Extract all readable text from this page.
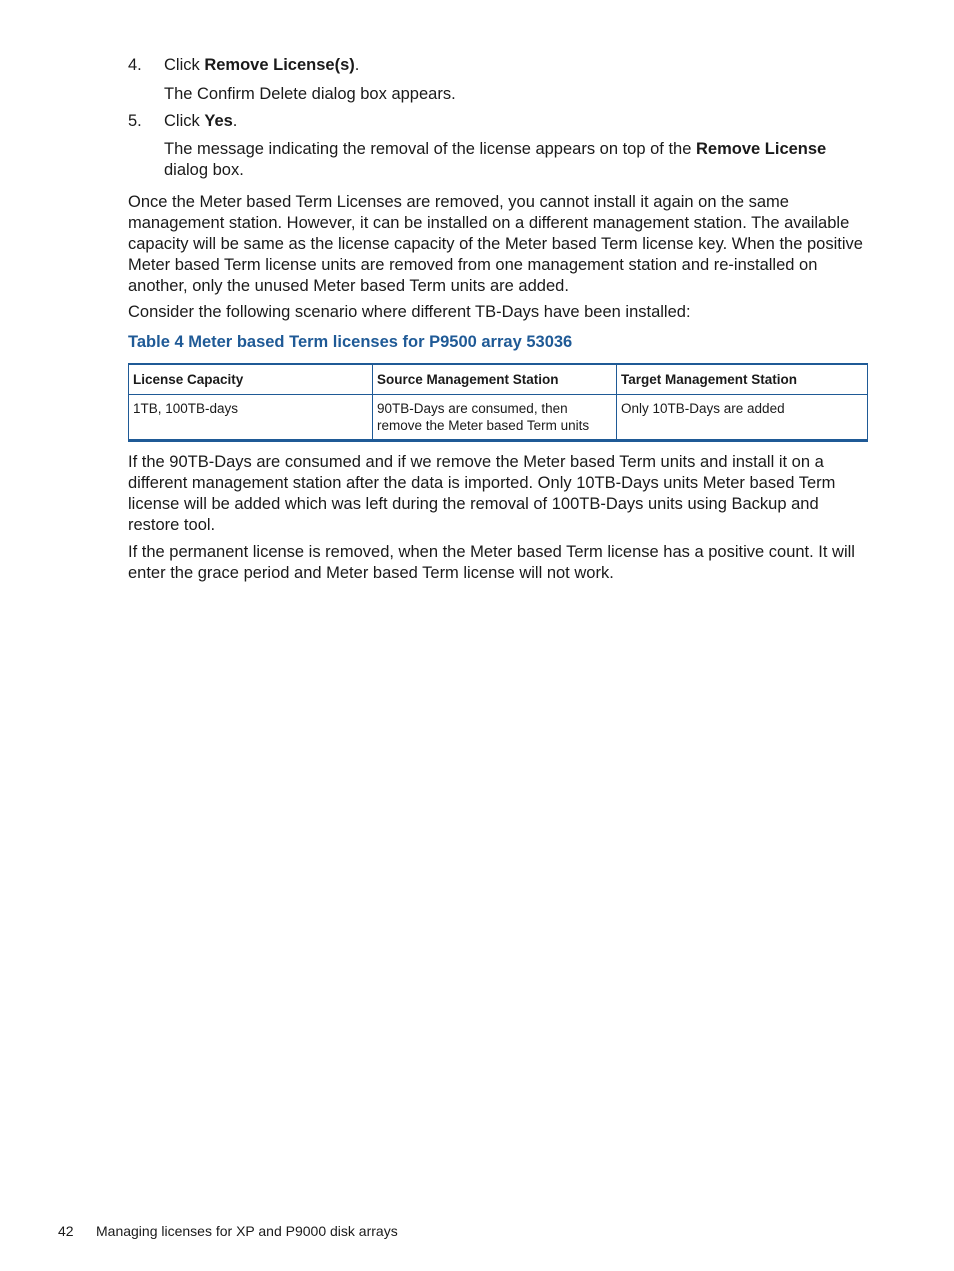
4. Click Remove License(s).
The Confirm Delete dialog box appears.
5. Click Yes.
The message indicating the removal of the license appears on top of the Remove License dialog box.
Once the Meter based Term Licenses are removed, you cannot install it again on the same management station. However, it can be installed on a different management station. The available capacity will be same as the license capacity of the Meter based Term license key. When the positive Meter based Term license units are removed from one management station and re-installed on another, only the unused Meter based Term units are added.
Consider the following scenario where different TB-Days have been installed:
Table 4 Meter based Term licenses for P9500 array 53036
License Capacity	Source Management Station	Target Management Station
1TB, 100TB-days	90TB-Days are consumed, then remove the Meter based Term units	Only 10TB-Days are added
If the 90TB-Days are consumed and if we remove the Meter based Term units and install it on a different management station after the data is imported. Only 10TB-Days units Meter based Term license will be added which was left during the removal of 100TB-Days units using Backup and restore tool.
If the permanent license is removed, when the Meter based Term license has a positive count. It will enter the grace period and Meter based Term license will not work.
42 Managing licenses for XP and P9000 disk arrays
